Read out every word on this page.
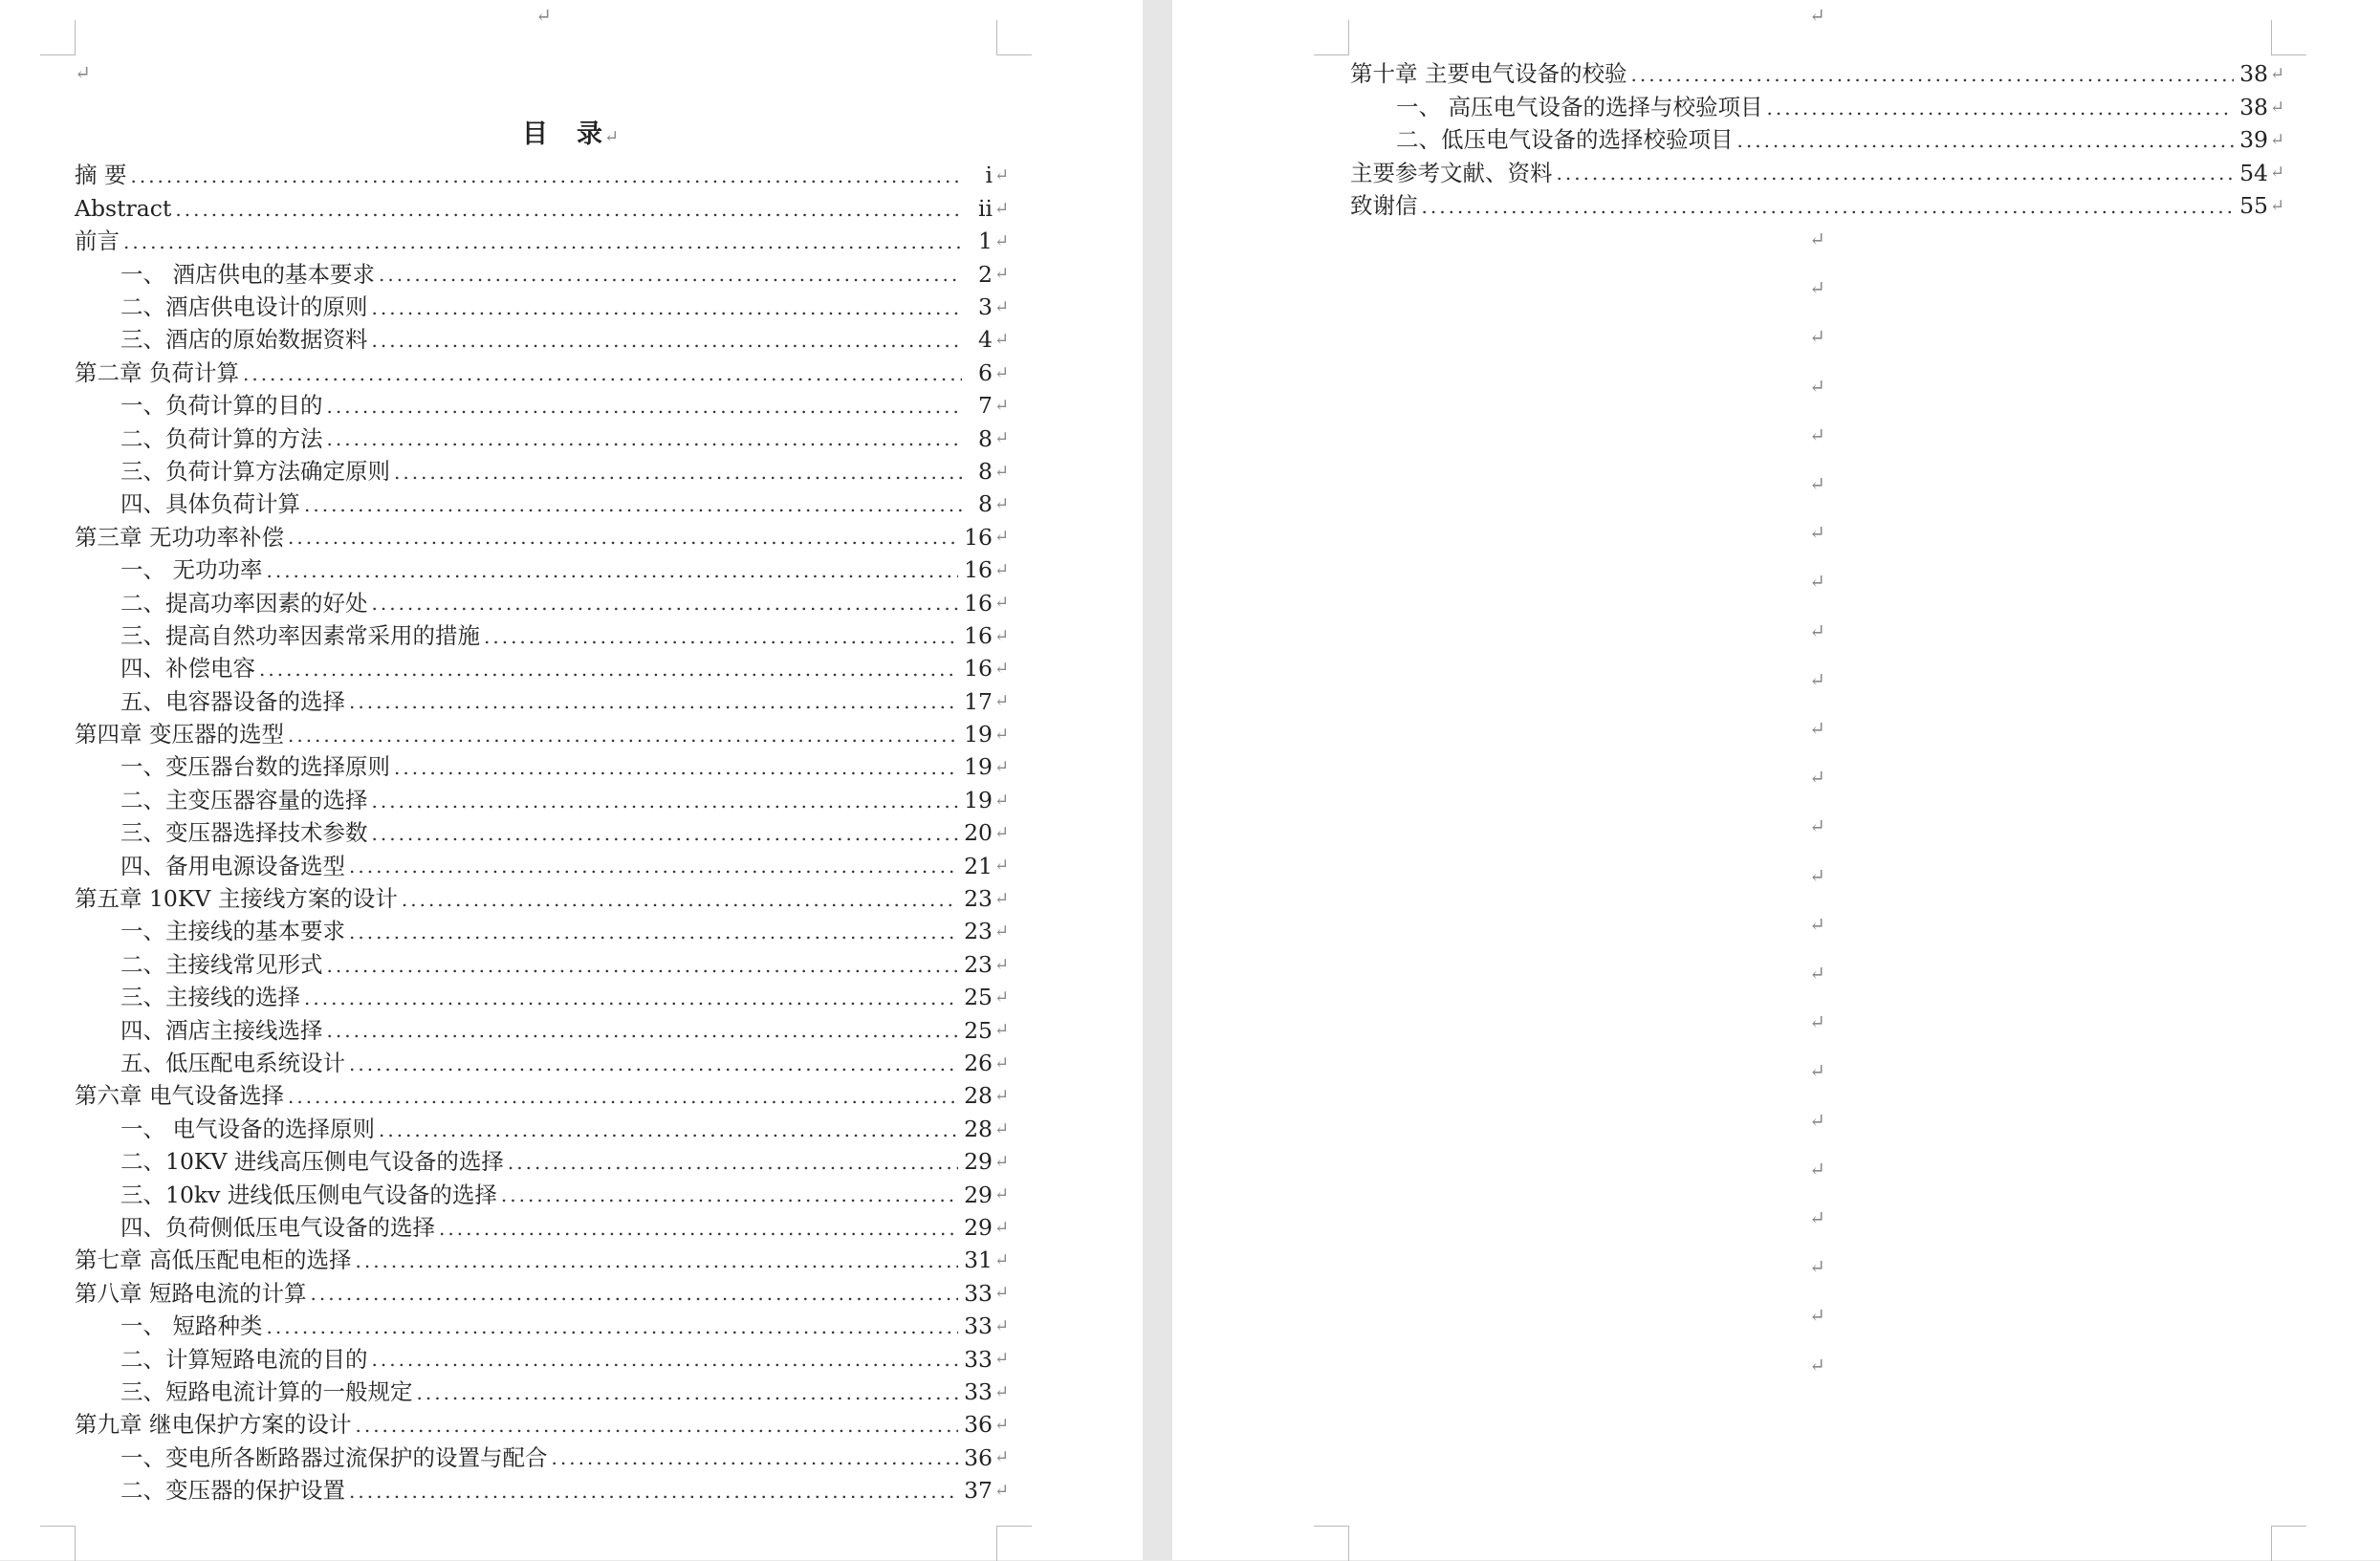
↵
↵
目 录↵
摘 要 .....	i ↵
Abstract .....	ii ↵
前言 .....	1 ↵
一、 酒店供电的基本要求 .....	2 ↵
二、酒店供电设计的原则 .....	3 ↵
三、酒店的原始数据资料 .....	4 ↵
第二章 负荷计算 .....	6 ↵
一、负荷计算的目的 .....	7 ↵
二、负荷计算的方法 .....	8 ↵
三、负荷计算方法确定原则 .....	8 ↵
四、具体负荷计算 .....	8 ↵
第三章 无功功率补偿 .....	16 ↵
一、 无功功率 .....	16 ↵
二、提高功率因素的好处 .....	16 ↵
三、提高自然功率因素常采用的措施 .....	16 ↵
四、补偿电容 .....	16 ↵
五、电容器设备的选择 .....	17 ↵
第四章 变压器的选型 .....	19 ↵
一、变压器台数的选择原则 .....	19 ↵
二、主变压器容量的选择 .....	19 ↵
三、变压器选择技术参数 .....	20 ↵
四、备用电源设备选型 .....	21 ↵
第五章 10KV 主接线方案的设计 .....	23 ↵
一、主接线的基本要求 .....	23 ↵
二、主接线常见形式 .....	23 ↵
三、主接线的选择 .....	25 ↵
四、酒店主接线选择 .....	25 ↵
五、低压配电系统设计 .....	26 ↵
第六章 电气设备选择 .....	28 ↵
一、 电气设备的选择原则 .....	28 ↵
二、10KV 进线高压侧电气设备的选择 .....	29 ↵
三、10kv 进线低压侧电气设备的选择 .....	29 ↵
四、负荷侧低压电气设备的选择 .....	29 ↵
第七章 高低压配电柜的选择 .....	31 ↵
第八章 短路电流的计算 .....	33 ↵
一、 短路种类 .....	33 ↵
二、计算短路电流的目的 .....	33 ↵
三、短路电流计算的一般规定 .....	33 ↵
第九章 继电保护方案的设计 .....	36 ↵
一、变电所各断路器过流保护的设置与配合 .....	36 ↵
二、变压器的保护设置 .....	37 ↵
↵
第十章 主要电气设备的校验 .....	38 ↵
一、 高压电气设备的选择与校验项目 .....	38 ↵
二、低压电气设备的选择校验项目 .....	39 ↵
主要参考文献、资料 .....	54 ↵
致谢信 .....	55 ↵
↵
↵
↵
↵
↵
↵
↵
↵
↵
↵
↵
↵
↵
↵
↵
↵
↵
↵
↵
↵
↵
↵
↵
↵
